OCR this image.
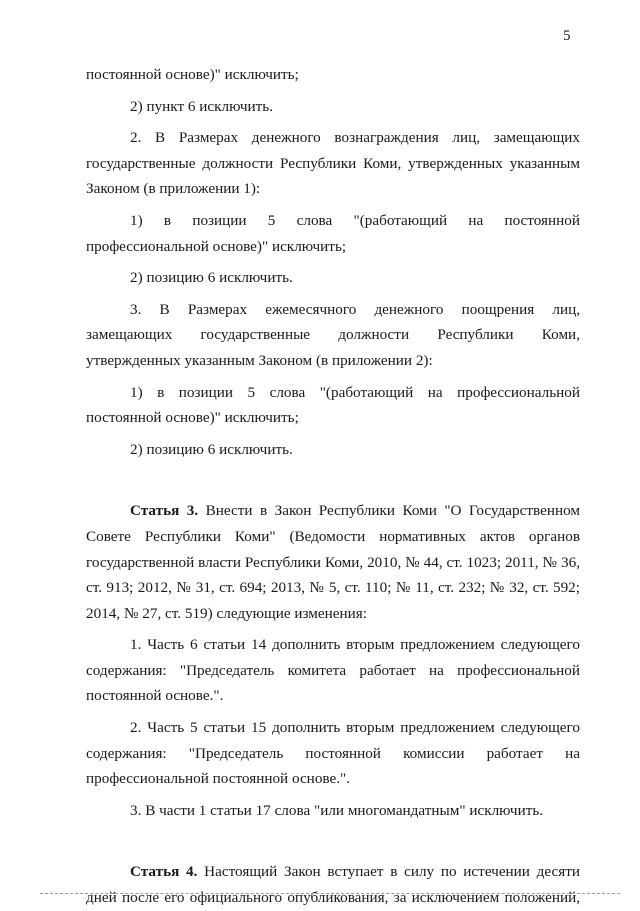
5

постоянной основе)" исключить;

2) пункт 6 исключить.

2. В Размерах денежного вознаграждения лиц, замещающих государственные должности Республики Коми, утвержденных указанным Законом (в приложении 1):

1) в позиции 5 слова "(работающий на постоянной профессиональной основе)" исключить;

2) позицию 6 исключить.

3. В Размерах ежемесячного денежного поощрения лиц, замещающих государственные должности Республики Коми, утвержденных указанным Законом (в приложении 2):

1) в позиции 5 слова "(работающий на профессиональной постоянной основе)" исключить;

2) позицию 6 исключить.

Статья 3. Внести в Закон Республики Коми "О Государственном Совете Республики Коми" (Ведомости нормативных актов органов государственной власти Республики Коми, 2010, № 44, ст. 1023; 2011, № 36, ст. 913; 2012, № 31, ст. 694; 2013, № 5, ст. 110; № 11, ст. 232; № 32, ст. 592; 2014, № 27, ст. 519) следующие изменения:

1. Часть 6 статьи 14 дополнить вторым предложением следующего содержания: "Председатель комитета работает на профессиональной постоянной основе.".

2. Часть 5 статьи 15 дополнить вторым предложением следующего содержания: "Председатель постоянной комиссии работает на профессиональной постоянной основе.".

3. В части 1 статьи 17 слова "или многомандатным" исключить.

Статья 4. Настоящий Закон вступает в силу по истечении десяти дней после его официального опубликования, за исключением положений,
